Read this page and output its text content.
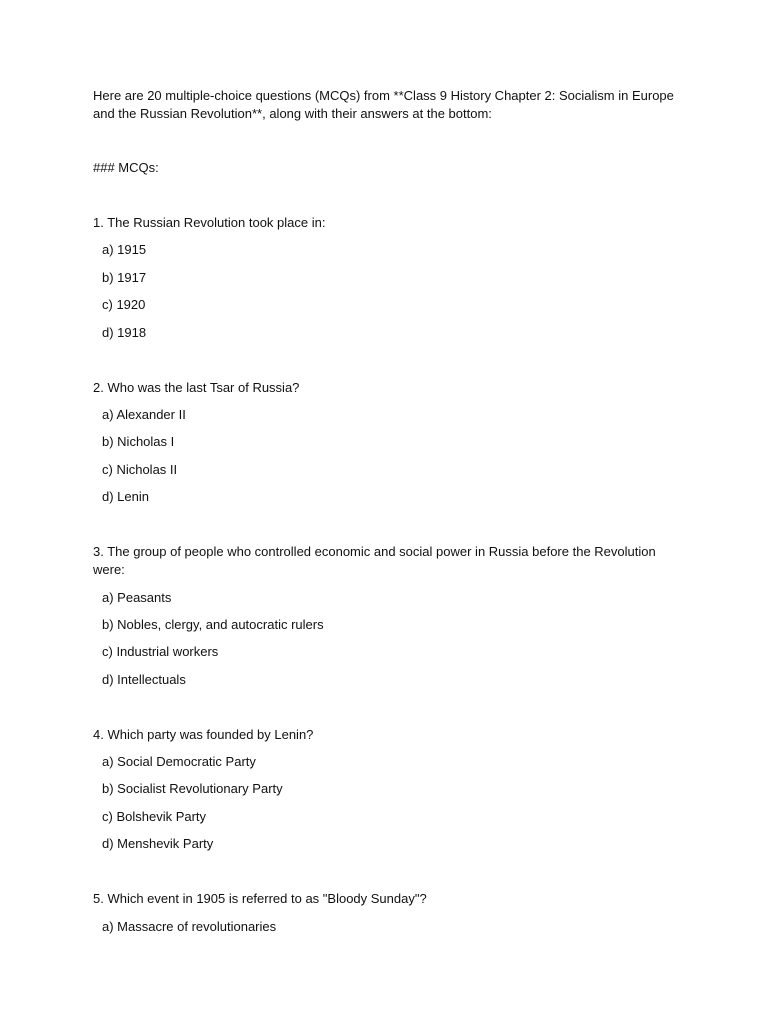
Here are 20 multiple-choice questions (MCQs) from **Class 9 History Chapter 2: Socialism in Europe and the Russian Revolution**, along with their answers at the bottom:

### MCQs:

1. The Russian Revolution took place in:

a) 1915

b) 1917

c) 1920

d) 1918

2. Who was the last Tsar of Russia?

a) Alexander II

b) Nicholas I

c) Nicholas II

d) Lenin

3. The group of people who controlled economic and social power in Russia before the Revolution were:

a) Peasants

b) Nobles, clergy, and autocratic rulers

c) Industrial workers

d) Intellectuals

4. Which party was founded by Lenin?

a) Social Democratic Party

b) Socialist Revolutionary Party

c) Bolshevik Party

d) Menshevik Party

5. Which event in 1905 is referred to as "Bloody Sunday"?

a) Massacre of revolutionaries
